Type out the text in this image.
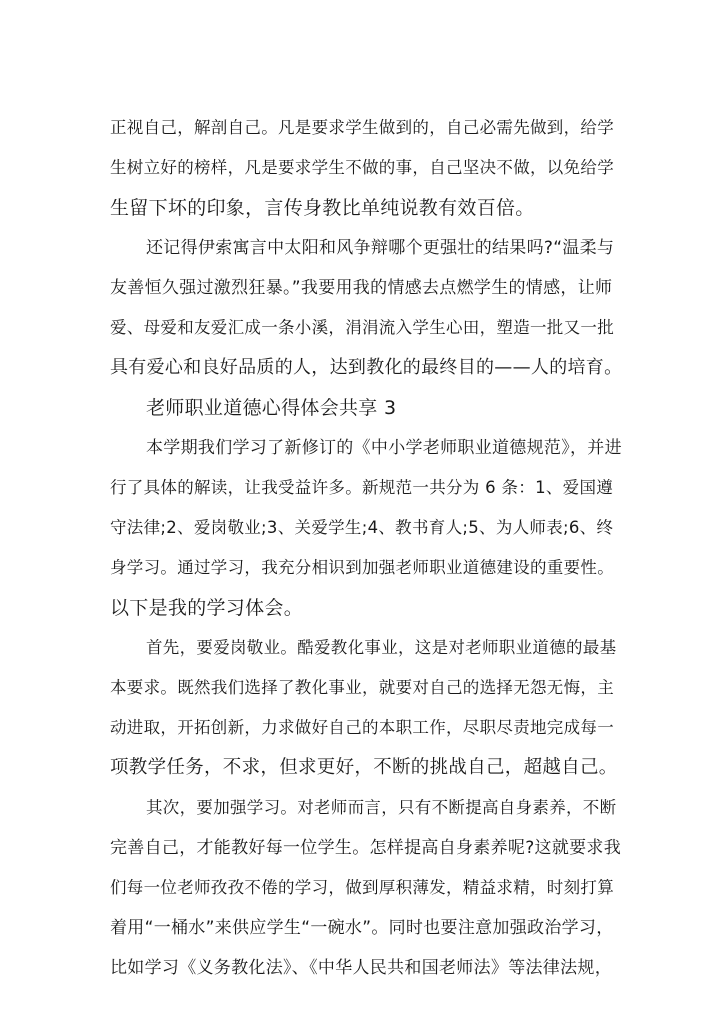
正视自己，解剖自己。凡是要求学生做到的，自己必需先做到，给学
生树立好的榜样，凡是要求学生不做的事，自己坚决不做，以免给学
生留下坏的印象，言传身教比单纯说教有效百倍。
还记得伊索寓言中太阳和风争辩哪个更强壮的结果吗?“温柔与
友善恒久强过激烈狂暴。”我要用我的情感去点燃学生的情感，让师
爱、母爱和友爱汇成一条小溪，涓涓流入学生心田，塑造一批又一批
具有爱心和良好品质的人，达到教化的最终目的——人的培育。
老师职业道德心得体会共享 3
本学期我们学习了新修订的《中小学老师职业道德规范》，并进
行了具体的解读，让我受益许多。新规范一共分为 6 条：1、爱国遵
守法律;2、爱岗敬业;3、关爱学生;4、教书育人;5、为人师表;6、终
身学习。通过学习，我充分相识到加强老师职业道德建设的重要性。
以下是我的学习体会。
首先，要爱岗敬业。酷爱教化事业，这是对老师职业道德的最基
本要求。既然我们选择了教化事业，就要对自己的选择无怨无悔，主
动进取，开拓创新，力求做好自己的本职工作，尽职尽责地完成每一
项教学任务，不求，但求更好，不断的挑战自己，超越自己。
其次，要加强学习。对老师而言，只有不断提高自身素养，不断
完善自己，才能教好每一位学生。怎样提高自身素养呢?这就要求我
们每一位老师孜孜不倦的学习，做到厚积薄发，精益求精，时刻打算
着用“一桶水”来供应学生“一碗水”。同时也要注意加强政治学习，
比如学习《义务教化法》、《中华人民共和国老师法》等法律法规，
